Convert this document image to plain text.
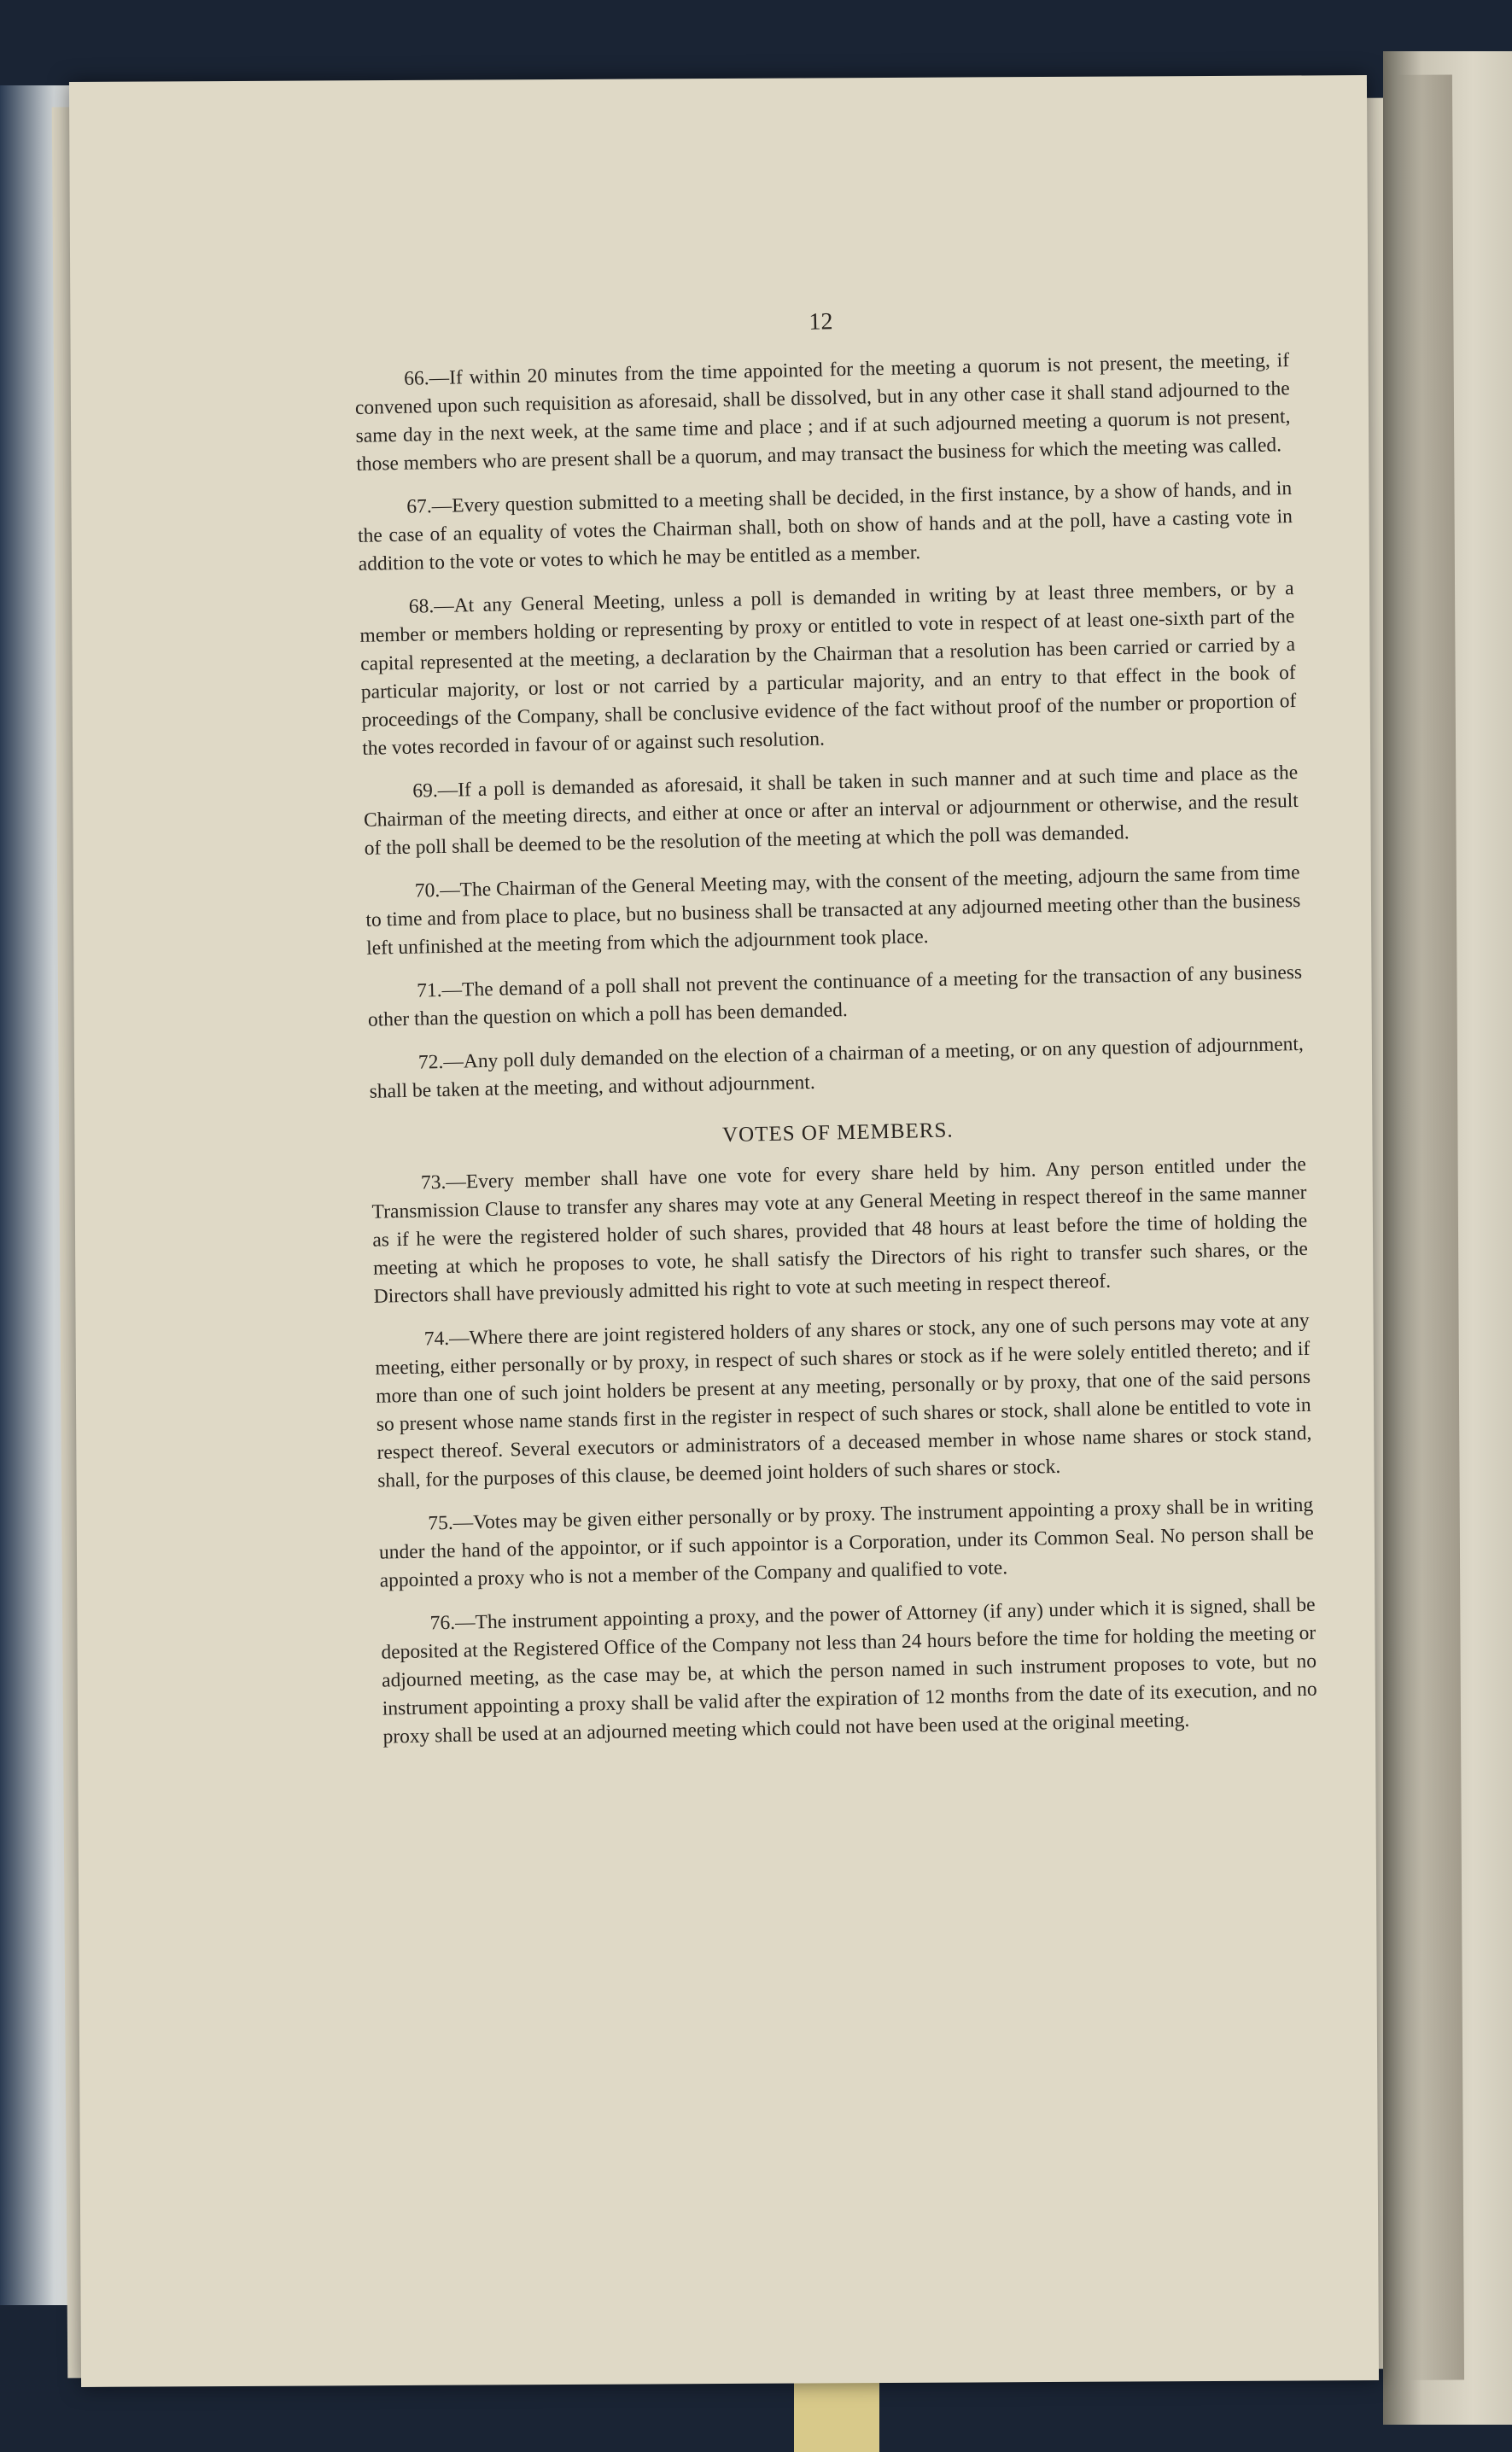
12

66.—If within 20 minutes from the time appointed for the meeting a quorum is not present, the meeting, if convened upon such requisition as aforesaid, shall be dissolved, but in any other case it shall stand adjourned to the same day in the next week, at the same time and place ; and if at such adjourned meeting a quorum is not present, those members who are present shall be a quorum, and may transact the business for which the meeting was called.

67.—Every question submitted to a meeting shall be decided, in the first instance, by a show of hands, and in the case of an equality of votes the Chairman shall, both on show of hands and at the poll, have a casting vote in addition to the vote or votes to which he may be entitled as a member.

68.—At any General Meeting, unless a poll is demanded in writing by at least three members, or by a member or members holding or representing by proxy or entitled to vote in respect of at least one-sixth part of the capital represented at the meeting, a declaration by the Chairman that a resolution has been carried or carried by a particular majority, or lost or not carried by a particular majority, and an entry to that effect in the book of proceedings of the Company, shall be conclusive evidence of the fact without proof of the number or proportion of the votes recorded in favour of or against such resolution.

69.—If a poll is demanded as aforesaid, it shall be taken in such manner and at such time and place as the Chairman of the meeting directs, and either at once or after an interval or adjournment or otherwise, and the result of the poll shall be deemed to be the resolution of the meeting at which the poll was demanded.

70.—The Chairman of the General Meeting may, with the consent of the meeting, adjourn the same from time to time and from place to place, but no business shall be transacted at any adjourned meeting other than the business left unfinished at the meeting from which the adjournment took place.

71.—The demand of a poll shall not prevent the continuance of a meeting for the transaction of any business other than the question on which a poll has been demanded.

72.—Any poll duly demanded on the election of a chairman of a meeting, or on any question of adjournment, shall be taken at the meeting, and without adjournment.

VOTES OF MEMBERS.

73.—Every member shall have one vote for every share held by him. Any person entitled under the Transmission Clause to transfer any shares may vote at any General Meeting in respect thereof in the same manner as if he were the registered holder of such shares, provided that 48 hours at least before the time of holding the meeting at which he proposes to vote, he shall satisfy the Directors of his right to transfer such shares, or the Directors shall have previously admitted his right to vote at such meeting in respect thereof.

74.—Where there are joint registered holders of any shares or stock, any one of such persons may vote at any meeting, either personally or by proxy, in respect of such shares or stock as if he were solely entitled thereto; and if more than one of such joint holders be present at any meeting, personally or by proxy, that one of the said persons so present whose name stands first in the register in respect of such shares or stock, shall alone be entitled to vote in respect thereof. Several executors or administrators of a deceased member in whose name shares or stock stand, shall, for the purposes of this clause, be deemed joint holders of such shares or stock.

75.—Votes may be given either personally or by proxy. The instrument appointing a proxy shall be in writing under the hand of the appointor, or if such appointor is a Corporation, under its Common Seal. No person shall be appointed a proxy who is not a member of the Company and qualified to vote.

76.—The instrument appointing a proxy, and the power of Attorney (if any) under which it is signed, shall be deposited at the Registered Office of the Company not less than 24 hours before the time for holding the meeting or adjourned meeting, as the case may be, at which the person named in such instrument proposes to vote, but no instrument appointing a proxy shall be valid after the expiration of 12 months from the date of its execution, and no proxy shall be used at an adjourned meeting which could not have been used at the original meeting.
